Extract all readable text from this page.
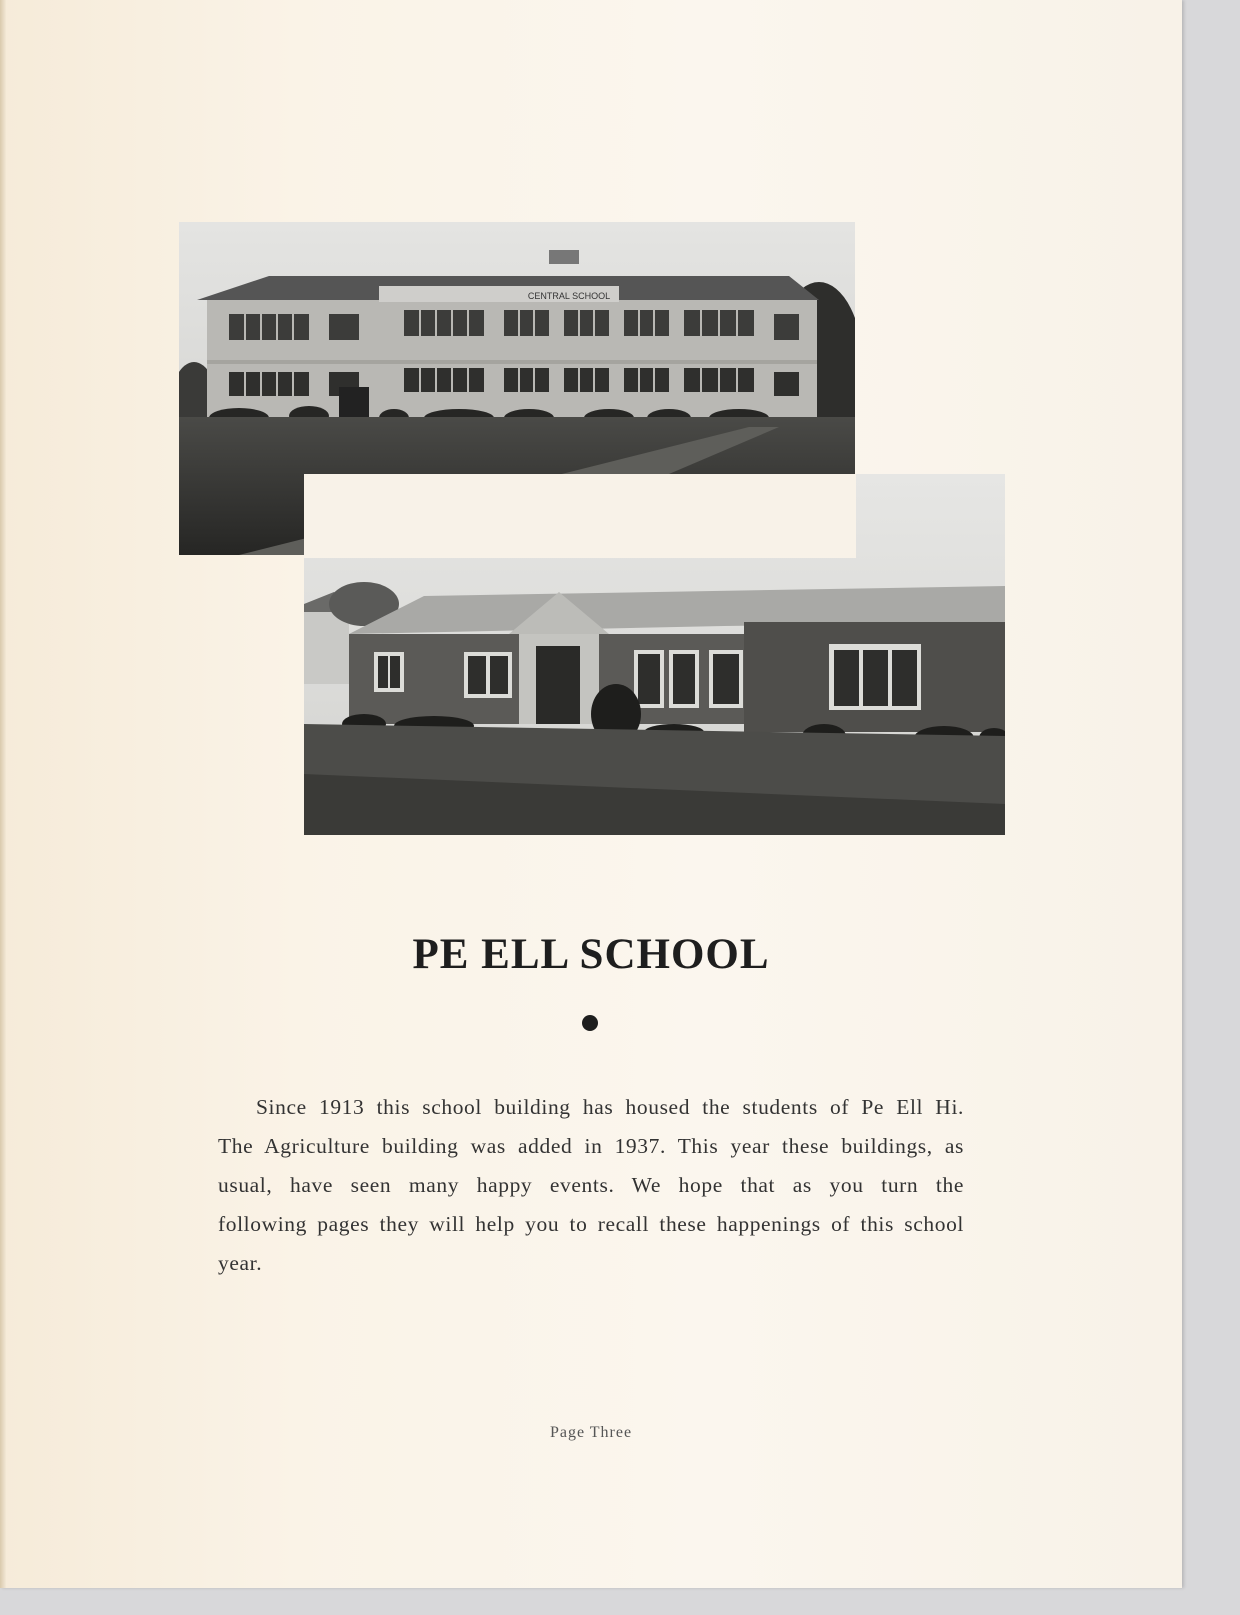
CENTRAL SCHOOL
PE ELL SCHOOL

Since 1913 this school building has housed the students of Pe Ell Hi. The Agriculture building was added in 1937. This year these buildings, as usual, have seen many happy events. We hope that as you turn the following pages they will help you to recall these happenings of this school year.

Page Three
